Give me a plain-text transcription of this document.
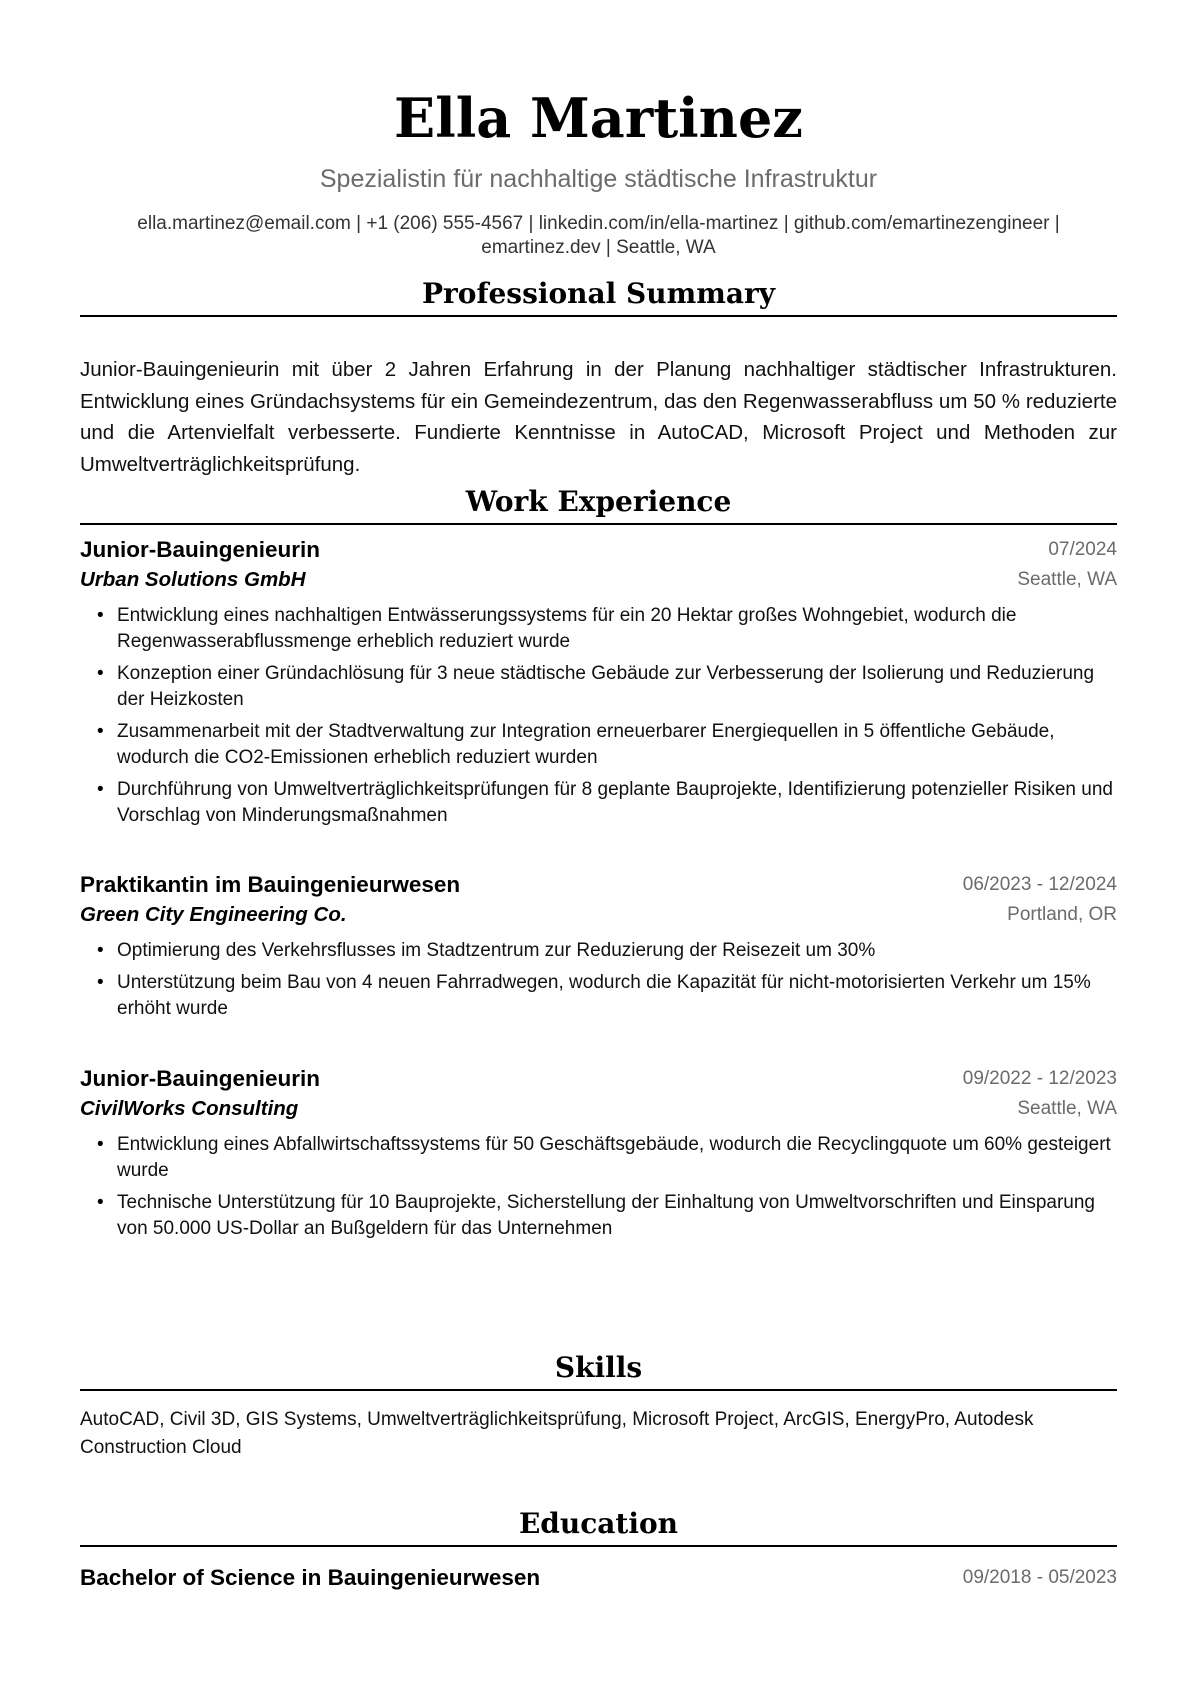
Ella Martinez
Spezialistin für nachhaltige städtische Infrastruktur
ella.martinez@email.com | +1 (206) 555-4567 | linkedin.com/in/ella-martinez | github.com/emartinezengineer |
emartinez.dev | Seattle, WA
Professional Summary
Junior-Bauingenieurin mit über 2 Jahren Erfahrung in der Planung nachhaltiger städtischer Infrastrukturen. Entwicklung eines Gründachsystems für ein Gemeindezentrum, das den Regenwasserabfluss um 50 % reduzierte und die Artenvielfalt verbesserte. Fundierte Kenntnisse in AutoCAD, Microsoft Project und Methoden zur Umweltverträglichkeitsprüfung.
Work Experience
Junior-Bauingenieurin	07/2024
Urban Solutions GmbH	Seattle, WA
• Entwicklung eines nachhaltigen Entwässerungssystems für ein 20 Hektar großes Wohngebiet, wodurch die Regenwasserabflussmenge erheblich reduziert wurde
• Konzeption einer Gründachlösung für 3 neue städtische Gebäude zur Verbesserung der Isolierung und Reduzierung der Heizkosten
• Zusammenarbeit mit der Stadtverwaltung zur Integration erneuerbarer Energiequellen in 5 öffentliche Gebäude, wodurch die CO2-Emissionen erheblich reduziert wurden
• Durchführung von Umweltverträglichkeitsprüfungen für 8 geplante Bauprojekte, Identifizierung potenzieller Risiken und Vorschlag von Minderungsmaßnahmen
Praktikantin im Bauingenieurwesen	06/2023 - 12/2024
Green City Engineering Co.	Portland, OR
• Optimierung des Verkehrsflusses im Stadtzentrum zur Reduzierung der Reisezeit um 30%
• Unterstützung beim Bau von 4 neuen Fahrradwegen, wodurch die Kapazität für nicht-motorisierten Verkehr um 15% erhöht wurde
Junior-Bauingenieurin	09/2022 - 12/2023
CivilWorks Consulting	Seattle, WA
• Entwicklung eines Abfallwirtschaftssystems für 50 Geschäftsgebäude, wodurch die Recyclingquote um 60% gesteigert wurde
• Technische Unterstützung für 10 Bauprojekte, Sicherstellung der Einhaltung von Umweltvorschriften und Einsparung von 50.000 US-Dollar an Bußgeldern für das Unternehmen
Skills
AutoCAD, Civil 3D, GIS Systems, Umweltverträglichkeitsprüfung, Microsoft Project, ArcGIS, EnergyPro, Autodesk Construction Cloud
Education
Bachelor of Science in Bauingenieurwesen	09/2018 - 05/2023
